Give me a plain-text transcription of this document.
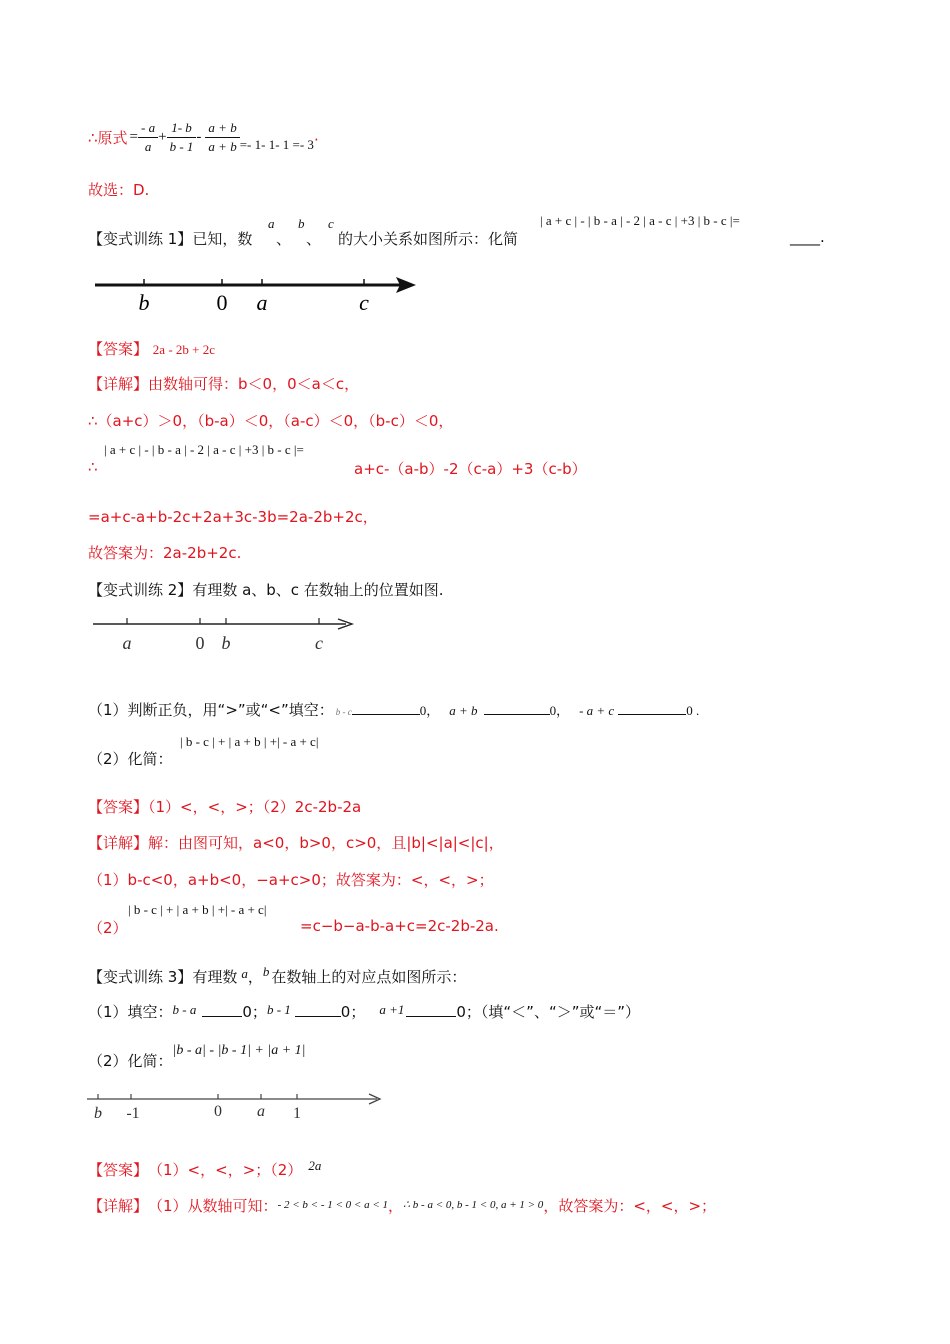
∴原式 = $\frac{- a}{a} + \frac{1- b}{b - 1} - \frac{a + b}{a + b} =- 1-$ 1- 1 =- 3 ·
故选：D.
【变式训练 1】已知，数
a
、
b
、
c
的大小关系如图所示：化简
| a + c | - | b - a | - 2 | a - c | +3 | b - c |=
____.
b	0 a	c
【答案】 2a - 2b + 2c
【详解】由数轴可得：b＜0，0＜a＜c，
∴（a+c）＞0，（b-a）＜0，（a-c）＜0，（b-c）＜0，
| a + c | - | b - a | - 2 | a - c | +3 | b - c |=
∴	a+c-（a-b）-2（c-a）+3（c-b）
=a+c-a+b-2c+2a+3c-3b=2a-2b+2c，
故答案为：2a-2b+2c.
【变式训练 2】有理数 a、b、c 在数轴上的位置如图.
a	0 b	c
（1）判断正负，用“>”或“<”填空： b - c	0， a + b	0， - a + c	0 .
| b - c | + | a + b | +| - a + c|
（2）化简：
【答案】（1）<，<，>；（2）2c-2b-2a
【详解】解：由图可知，a<0，b>0，c>0，且|b|<|a|<|c|，
（1）b-c<0，a+b<0，−a+c>0；故答案为：<，<，>；
| b - c | + | a + b | +| - a + c|
（2）	=c−b−a-b-a+c=2c-2b-2a.
【变式训练 3】 有理数 a ， b 在数轴上的对应点如图所示：
（1）填空： b - a	0； b - 1	0； a +1	0；（填“＜”、“＞”或“＝”）
（2）化简：
|b - a| - |b - 1| + |a + 1|
b -1	0 a 1
【答案】 （1）<，<，>；（2） 2a
【详解】 （1）从数轴可知： - 2 < b < - 1 < 0 < a < 1 ， ∴ b - a < 0, b - 1 < 0, a + 1 > 0 ，故答案为：<，<，>；
